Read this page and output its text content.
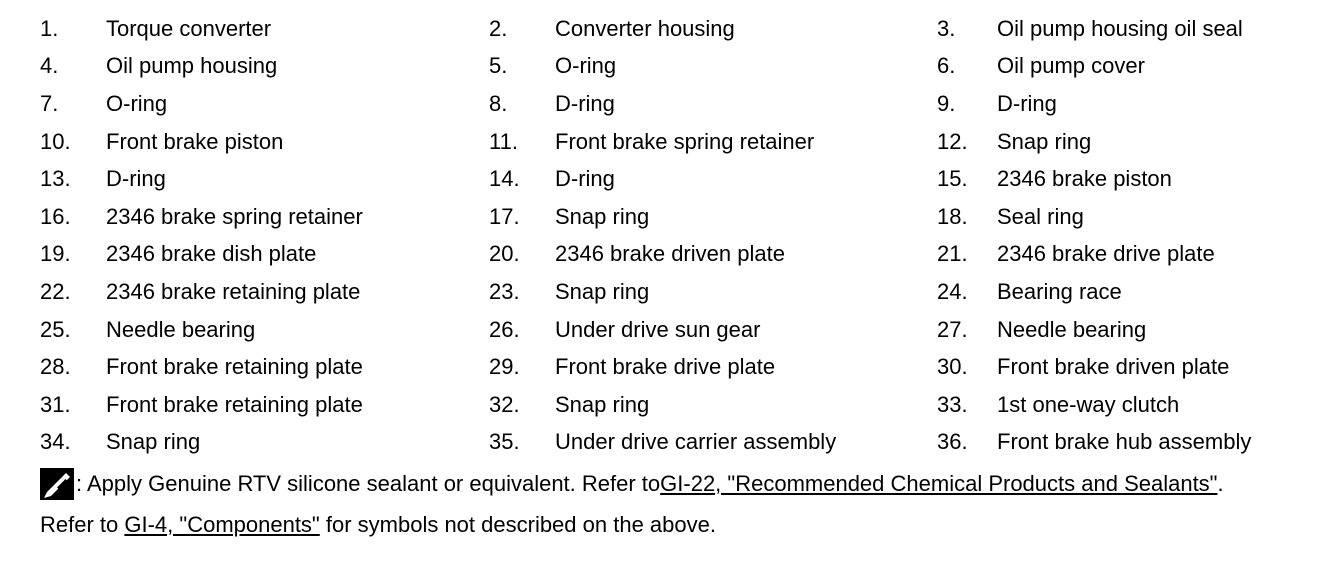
1.	Torque converter	2.	Converter housing	3.	Oil pump housing oil seal
4.	Oil pump housing	5.	O-ring	6.	Oil pump cover
7.	O-ring	8.	D-ring	9.	D-ring
10.	Front brake piston	11.	Front brake spring retainer	12.	Snap ring
13.	D-ring	14.	D-ring	15.	2346 brake piston
16.	2346 brake spring retainer	17.	Snap ring	18.	Seal ring
19.	2346 brake dish plate	20.	2346 brake driven plate	21.	2346 brake drive plate
22.	2346 brake retaining plate	23.	Snap ring	24.	Bearing race
25.	Needle bearing	26.	Under drive sun gear	27.	Needle bearing
28.	Front brake retaining plate	29.	Front brake drive plate	30.	Front brake driven plate
31.	Front brake retaining plate	32.	Snap ring	33.	1st one-way clutch
34.	Snap ring	35.	Under drive carrier assembly	36.	Front brake hub assembly
: Apply Genuine RTV silicone sealant or equivalent. Refer to GI-22, "Recommended Chemical Products and Sealants" .
Refer to GI-4, "Components" for symbols not described on the above.
